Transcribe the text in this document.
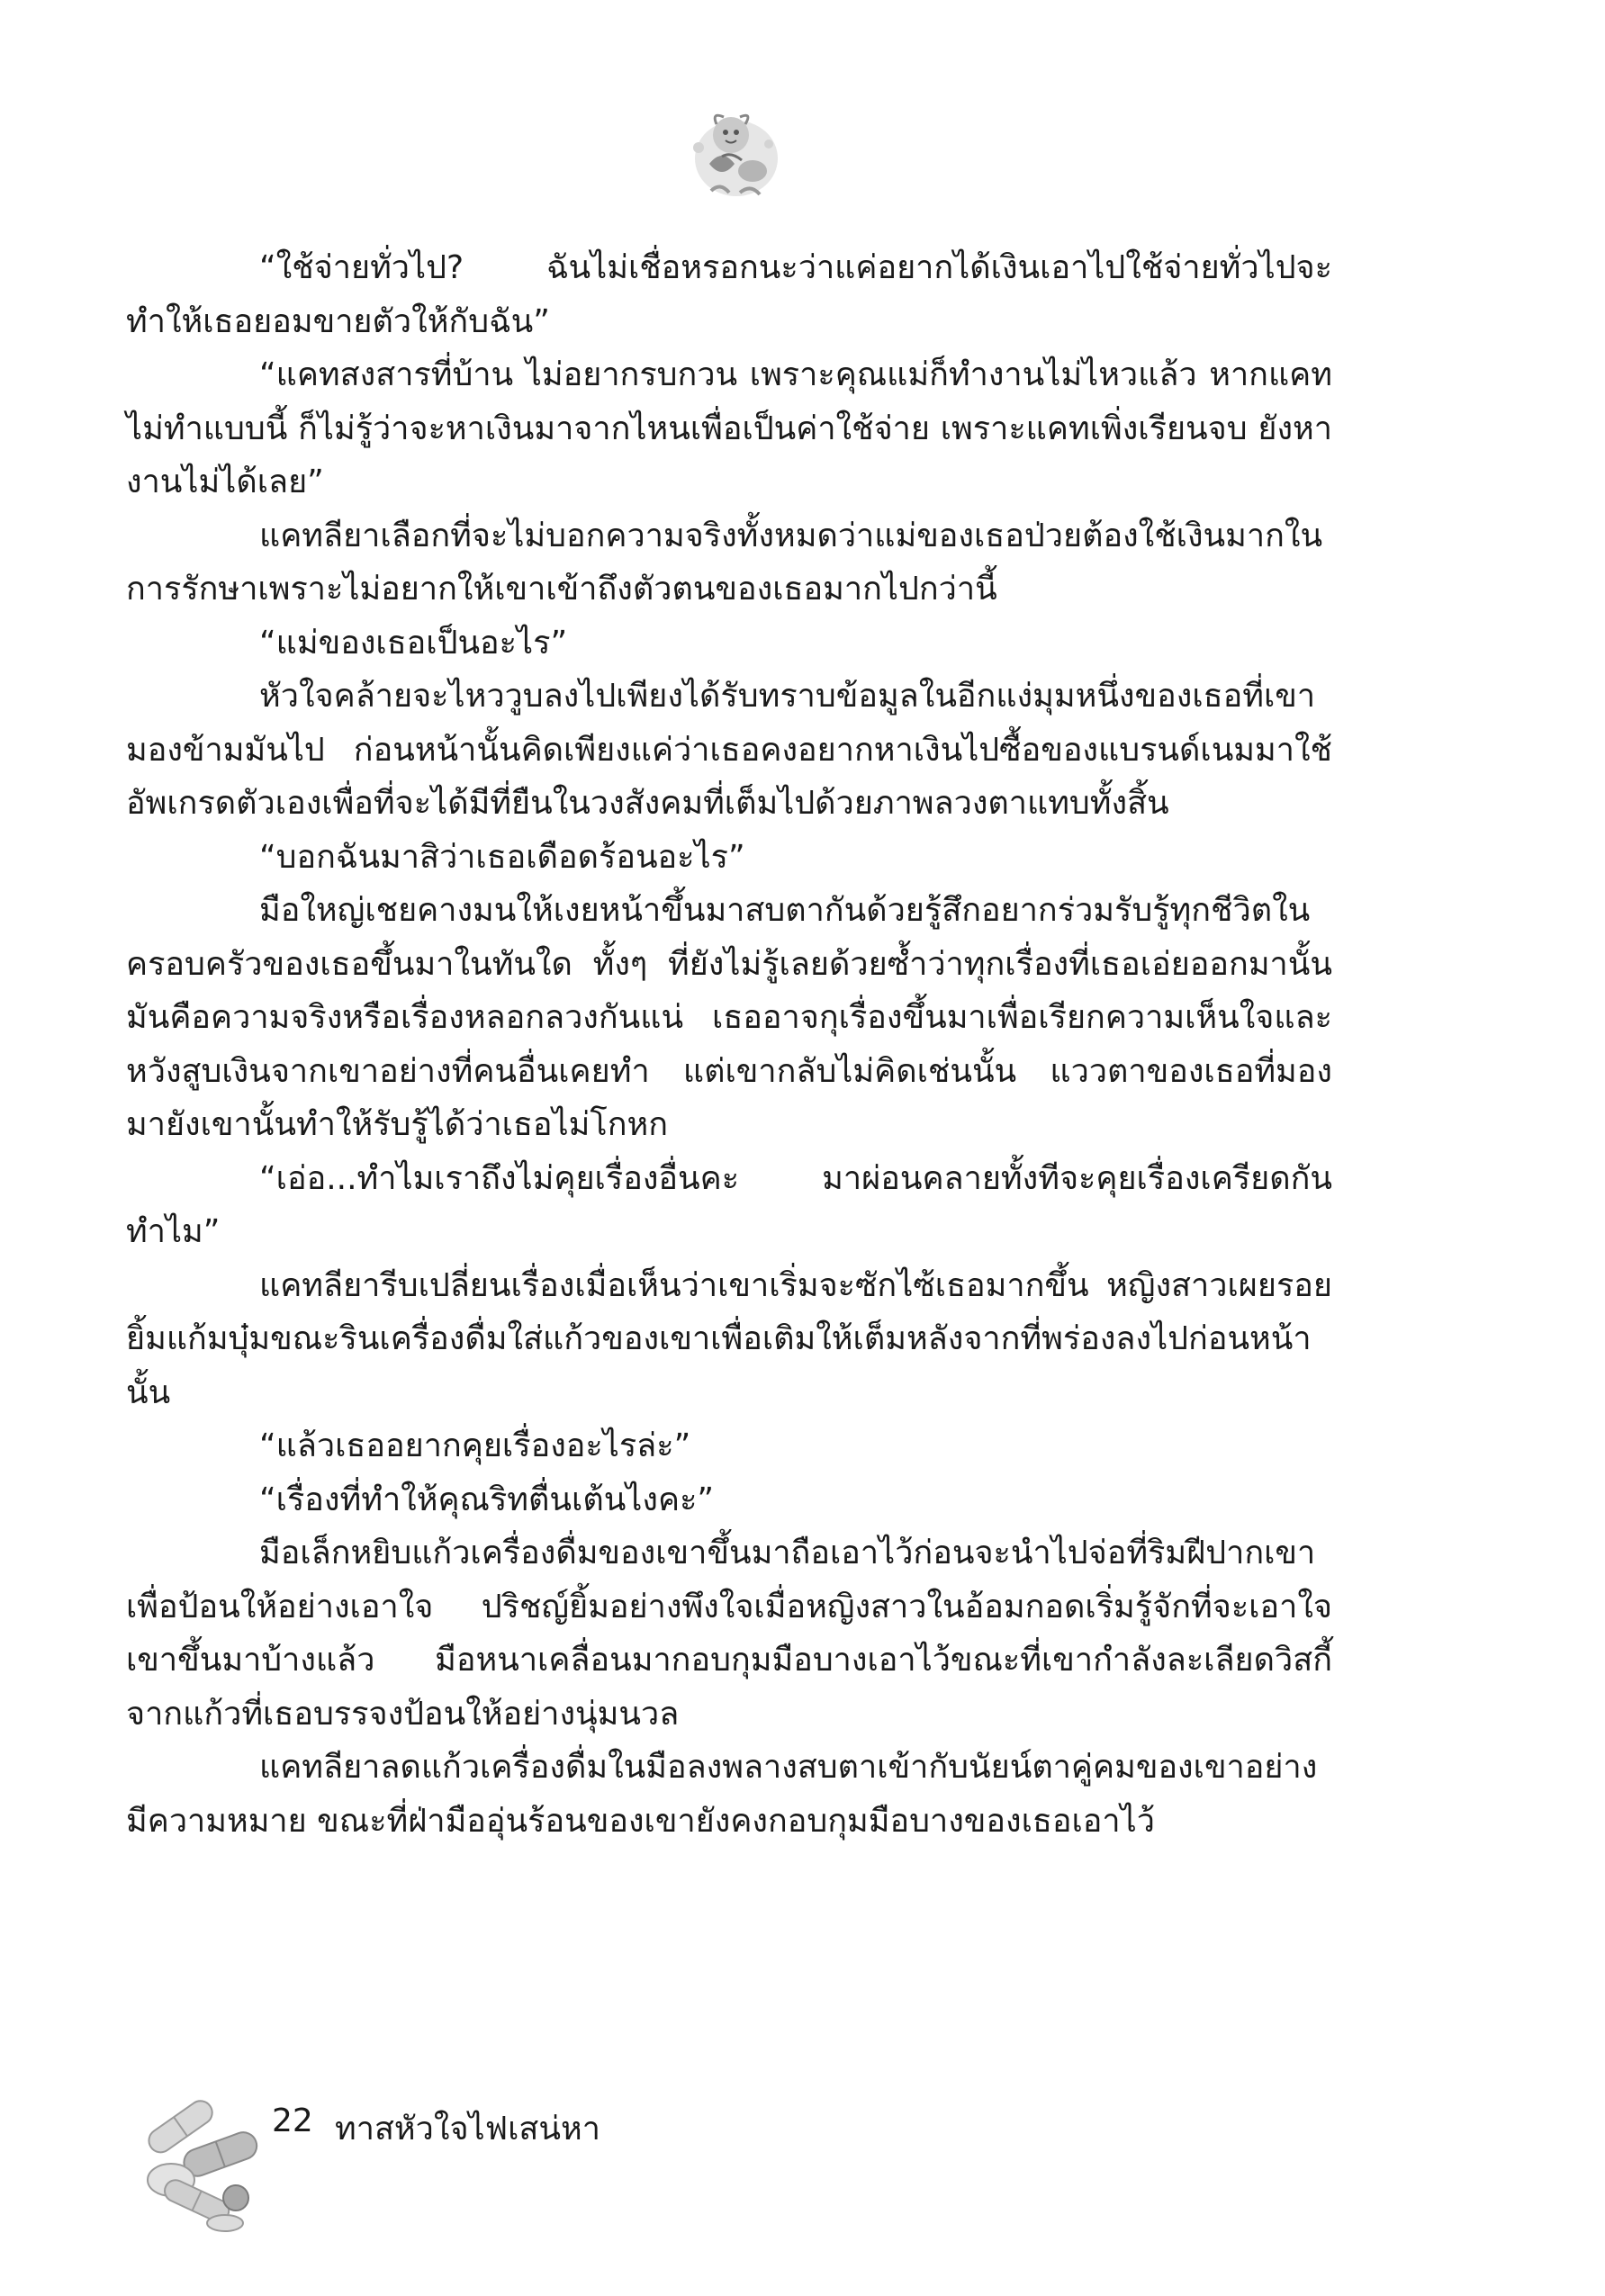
“ใช้จ่ายทั่วไป? ฉันไม่เชื่อหรอกนะว่าแค่อยากได้เงินเอาไปใช้จ่ายทั่วไปจะทำให้เธอยอมขายตัวให้กับฉัน”

“แคทสงสารที่บ้าน ไม่อยากรบกวน เพราะคุณแม่ก็ทำงานไม่ไหวแล้ว หากแคทไม่ทำแบบนี้ ก็ไม่รู้ว่าจะหาเงินมาจากไหนเพื่อเป็นค่าใช้จ่าย เพราะแคทเพิ่งเรียนจบ ยังหางานไม่ได้เลย”

แคทลียาเลือกที่จะไม่บอกความจริงทั้งหมดว่าแม่ของเธอป่วยต้องใช้เงินมากในการรักษาเพราะไม่อยากให้เขาเข้าถึงตัวตนของเธอมากไปกว่านี้

“แม่ของเธอเป็นอะไร”

หัวใจคล้ายจะไหววูบลงไปเพียงได้รับทราบข้อมูลในอีกแง่มุมหนึ่งของเธอที่เขามองข้ามมันไป ก่อนหน้านั้นคิดเพียงแค่ว่าเธอคงอยากหาเงินไปซื้อของแบรนด์เนมมาใช้อัพเกรดตัวเองเพื่อที่จะได้มีที่ยืนในวงสังคมที่เต็มไปด้วยภาพลวงตาแทบทั้งสิ้น

“บอกฉันมาสิว่าเธอเดือดร้อนอะไร”

มือใหญ่เชยคางมนให้เงยหน้าขึ้นมาสบตากันด้วยรู้สึกอยากร่วมรับรู้ทุกชีวิตในครอบครัวของเธอขึ้นมาในทันใด ทั้งๆ ที่ยังไม่รู้เลยด้วยซ้ำว่าทุกเรื่องที่เธอเอ่ยออกมานั้นมันคือความจริงหรือเรื่องหลอกลวงกันแน่ เธออาจกุเรื่องขึ้นมาเพื่อเรียกความเห็นใจและหวังสูบเงินจากเขาอย่างที่คนอื่นเคยทำ แต่เขากลับไม่คิดเช่นนั้น แววตาของเธอที่มองมายังเขานั้นทำให้รับรู้ได้ว่าเธอไม่โกหก

“เอ่อ...ทำไมเราถึงไม่คุยเรื่องอื่นคะ มาผ่อนคลายทั้งทีจะคุยเรื่องเครียดกันทำไม”

แคทลียารีบเปลี่ยนเรื่องเมื่อเห็นว่าเขาเริ่มจะซักไซ้เธอมากขึ้น หญิงสาวเผยรอยยิ้มแก้มบุ๋มขณะรินเครื่องดื่มใส่แก้วของเขาเพื่อเติมให้เต็มหลังจากที่พร่องลงไปก่อนหน้านั้น

“แล้วเธออยากคุยเรื่องอะไรล่ะ”

“เรื่องที่ทำให้คุณริทตื่นเต้นไงคะ”

มือเล็กหยิบแก้วเครื่องดื่มของเขาขึ้นมาถือเอาไว้ก่อนจะนำไปจ่อที่ริมฝีปากเขาเพื่อป้อนให้อย่างเอาใจ ปริชญ์ยิ้มอย่างพึงใจเมื่อหญิงสาวในอ้อมกอดเริ่มรู้จักที่จะเอาใจเขาขึ้นมาบ้างแล้ว มือหนาเคลื่อนมากอบกุมมือบางเอาไว้ขณะที่เขากำลังละเลียดวิสกี้จากแก้วที่เธอบรรจงป้อนให้อย่างนุ่มนวล

แคทลียาลดแก้วเครื่องดื่มในมือลงพลางสบตาเข้ากับนัยน์ตาคู่คมของเขาอย่างมีความหมาย ขณะที่ฝ่ามืออุ่นร้อนของเขายังคงกอบกุมมือบางของเธอเอาไว้

22 ทาสหัวใจไฟเสน่หา
